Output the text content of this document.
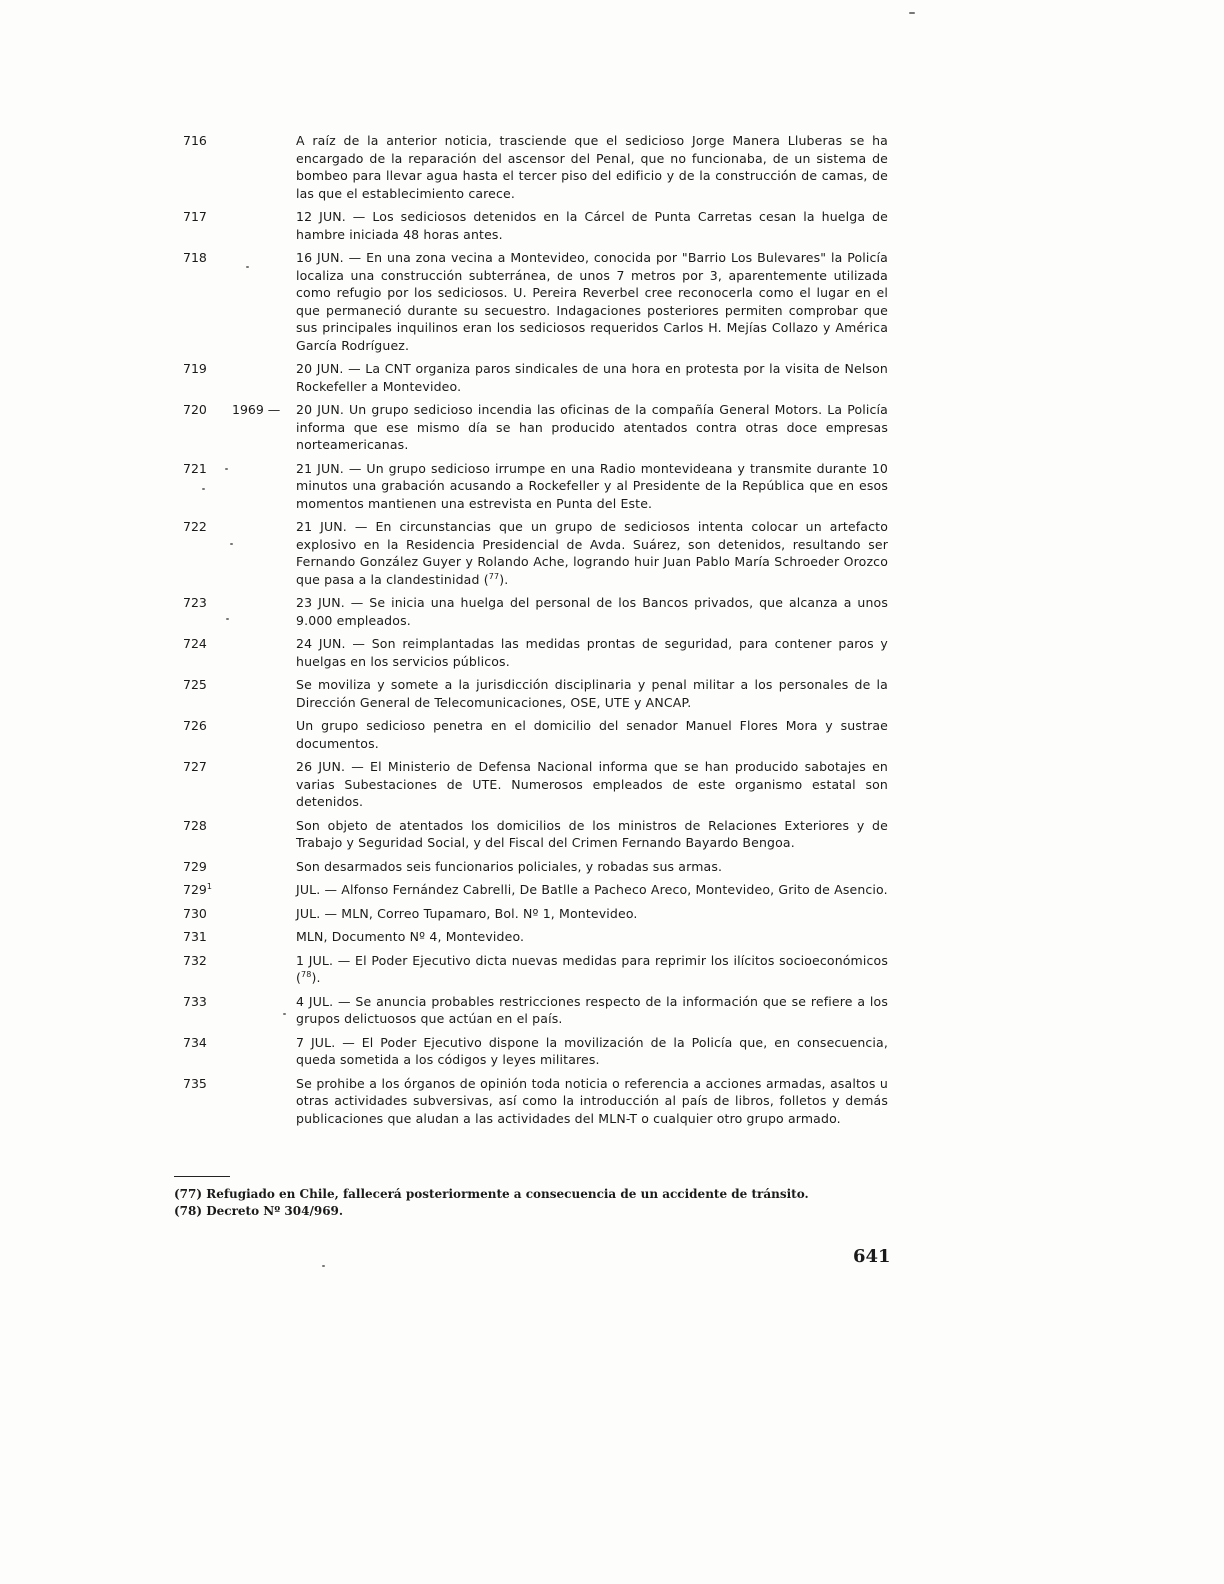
716	A raíz de la anterior noticia, trasciende que el sedicioso Jorge Manera Lluberas se ha encargado de la reparación del ascensor del Penal, que no funcionaba, de un sistema de bombeo para llevar agua hasta el tercer piso del edificio y de la construcción de camas, de las que el establecimiento carece.
717	12 JUN. — Los sediciosos detenidos en la Cárcel de Punta Carretas cesan la huelga de hambre iniciada 48 horas antes.
718	16 JUN. — En una zona vecina a Montevideo, conocida por "Barrio Los Bulevares" la Policía localiza una construcción subterránea, de unos 7 metros por 3, aparentemente utilizada como refugio por los sediciosos. U. Pereira Reverbel cree reconocerla como el lugar en el que permaneció durante su secuestro. Indagaciones posteriores permiten comprobar que sus principales inquilinos eran los sediciosos requeridos Carlos H. Mejías Collazo y América García Rodríguez.
719	20 JUN. — La CNT organiza paros sindicales de una hora en protesta por la visita de Nelson Rockefeller a Montevideo.
720	1969 — 20 JUN. Un grupo sedicioso incendia las oficinas de la compañía General Motors. La Policía informa que ese mismo día se han producido atentados contra otras doce empresas norteamericanas.
721	21 JUN. — Un grupo sedicioso irrumpe en una Radio montevideana y transmite durante 10 minutos una grabación acusando a Rockefeller y al Presidente de la República que en esos momentos mantienen una estrevista en Punta del Este.
722	21 JUN. — En circunstancias que un grupo de sediciosos intenta colocar un artefacto explosivo en la Residencia Presidencial de Avda. Suárez, son detenidos, resultando ser Fernando González Guyer y Rolando Ache, logrando huir Juan Pablo María Schroeder Orozco que pasa a la clandestinidad ($^{77}$).
723	23 JUN. — Se inicia una huelga del personal de los Bancos privados, que alcanza a unos 9.000 empleados.
724	24 JUN. — Son reimplantadas las medidas prontas de seguridad, para contener paros y huelgas en los servicios públicos.
725	Se moviliza y somete a la jurisdicción disciplinaria y penal militar a los personales de la Dirección General de Telecomunicaciones, OSE, UTE y ANCAP.
726	Un grupo sedicioso penetra en el domicilio del senador Manuel Flores Mora y sustrae documentos.
727	26 JUN. — El Ministerio de Defensa Nacional informa que se han producido sabotajes en varias Subestaciones de UTE. Numerosos empleados de este organismo estatal son detenidos.
728	Son objeto de atentados los domicilios de los ministros de Relaciones Exteriores y de Trabajo y Seguridad Social, y del Fiscal del Crimen Fernando Bayardo Bengoa.
729	Son desarmados seis funcionarios policiales, y robadas sus armas.
$729^1$	JUL. — Alfonso Fernández Cabrelli, De Batlle a Pacheco Areco, Montevideo, Grito de Asencio.
730	JUL. — MLN, Correo Tupamaro, Bol. Nº 1, Montevideo.
731	MLN, Documento Nº 4, Montevideo.
732	1 JUL. — El Poder Ejecutivo dicta nuevas medidas para reprimir los ilícitos socioeconómicos ($^{78}$).
733	4 JUL. — Se anuncia probables restricciones respecto de la información que se refiere a los grupos delictuosos que actúan en el país.
734	7 JUL. — El Poder Ejecutivo dispone la movilización de la Policía que, en consecuencia, queda sometida a los códigos y leyes militares.
735	Se prohibe a los órganos de opinión toda noticia o referencia a acciones armadas, asaltos u otras actividades subversivas, así como la introducción al país de libros, folletos y demás publicaciones que aludan a las actividades del MLN-T o cualquier otro grupo armado.
(77) Refugiado en Chile, fallecerá posteriormente a consecuencia de un accidente de tránsito.
(78) Decreto Nº 304/969.
641
